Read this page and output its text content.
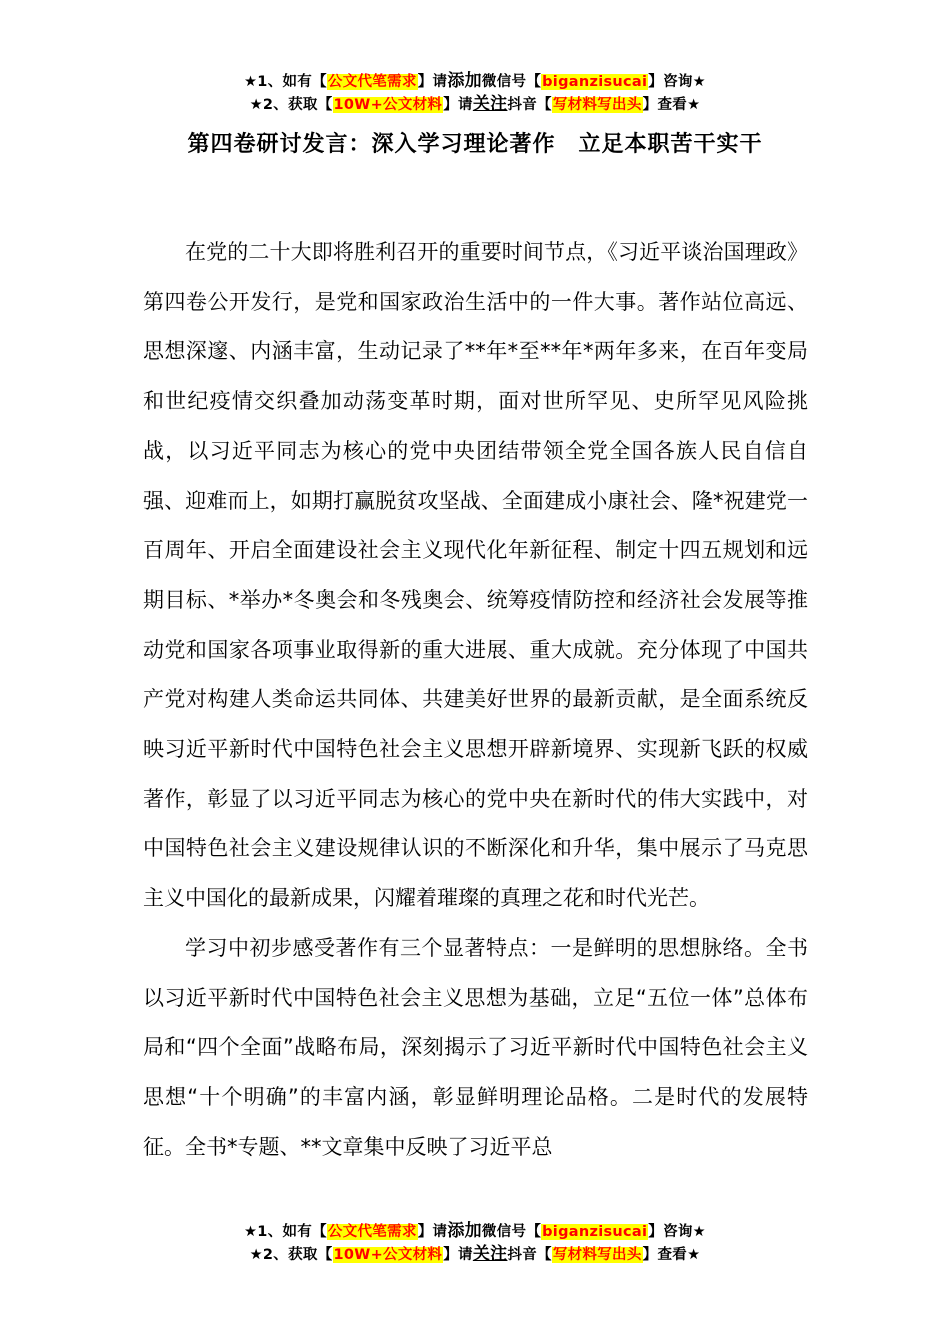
★1、如有【公文代笔需求】请添加微信号【biganzisucai】咨询★
★2、获取【10W+公文材料】请关注抖音【写材料写出头】查看★
第四卷研讨发言：深入学习理论著作　立足本职苦干实干

在党的二十大即将胜利召开的重要时间节点，《习近平谈治国理政》第四卷公开发行，是党和国家政治生活中的一件大事。著作站位高远、思想深邃、内涵丰富，生动记录了**年*至**年*两年多来，在百年变局和世纪疫情交织叠加动荡变革时期，面对世所罕见、史所罕见风险挑战，以习近平同志为核心的党中央团结带领全党全国各族人民自信自强、迎难而上，如期打赢脱贫攻坚战、全面建成小康社会、隆*祝建党一百周年、开启全面建设社会主义现代化年新征程、制定十四五规划和远期目标、*举办*冬奥会和冬残奥会、统筹疫情防控和经济社会发展等推动党和国家各项事业取得新的重大进展、重大成就。充分体现了中国共产党对构建人类命运共同体、共建美好世界的最新贡献，是全面系统反映习近平新时代中国特色社会主义思想开辟新境界、实现新飞跃的权威著作，彰显了以习近平同志为核心的党中央在新时代的伟大实践中，对中国特色社会主义建设规律认识的不断深化和升华，集中展示了马克思主义中国化的最新成果，闪耀着璀璨的真理之花和时代光芒。

学习中初步感受著作有三个显著特点：一是鲜明的思想脉络。全书以习近平新时代中国特色社会主义思想为基础，立足“五位一体”总体布局和“四个全面”战略布局，深刻揭示了习近平新时代中国特色社会主义思想“十个明确”的丰富内涵，彰显鲜明理论品格。二是时代的发展特征。全书*专题、**文章集中反映了习近平总

★1、如有【公文代笔需求】请添加微信号【biganzisucai】咨询★
★2、获取【10W+公文材料】请关注抖音【写材料写出头】查看★
